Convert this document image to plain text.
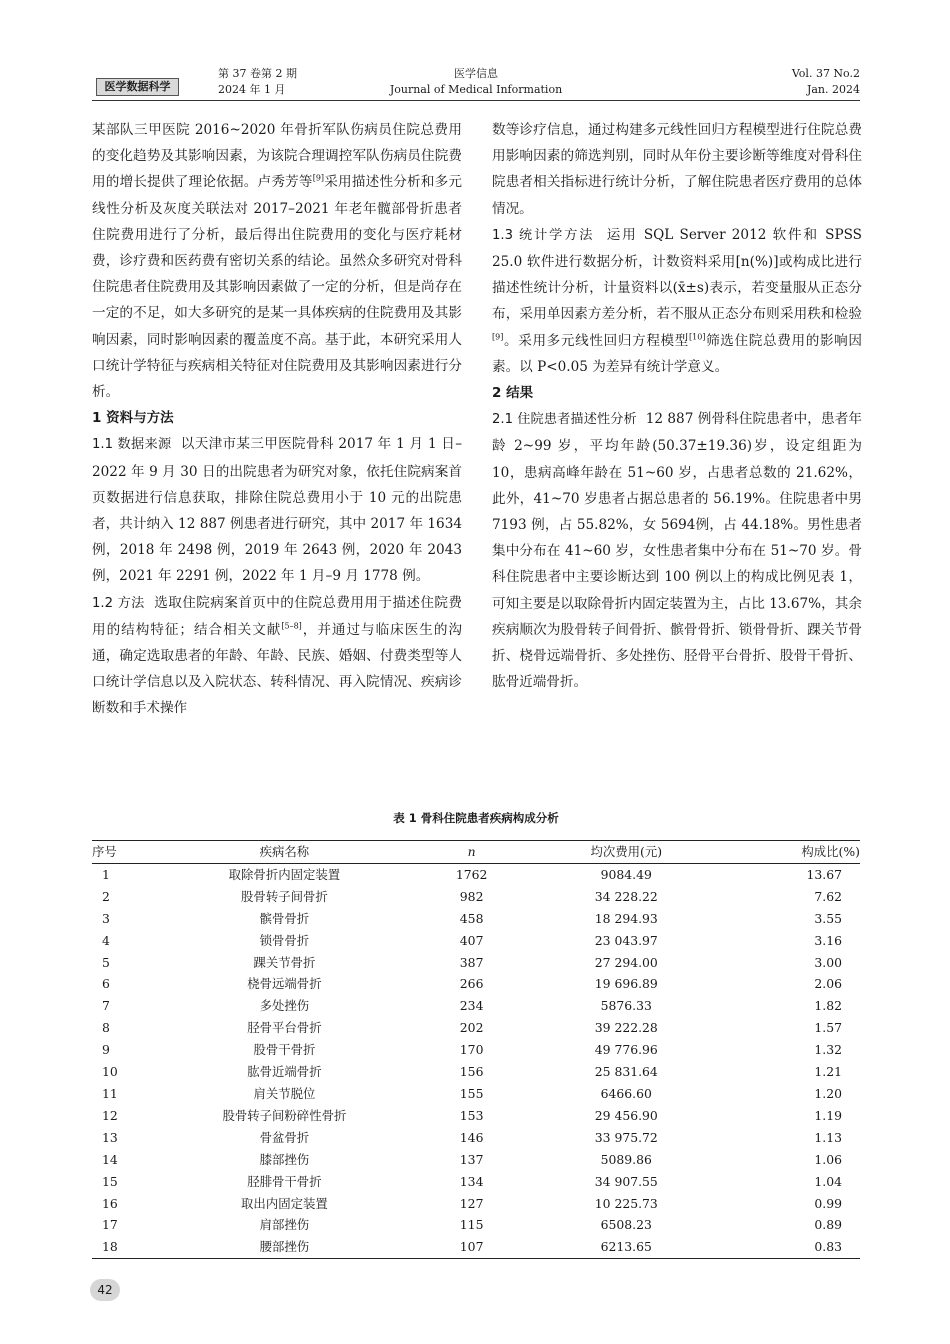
医学数据科学
第 37 卷第 2 期
2024 年 1 月
医学信息
Journal of Medical Information
Vol. 37 No.2
Jan. 2024

某部队三甲医院 2016~2020 年骨折军队伤病员住院总费用的变化趋势及其影响因素，为该院合理调控军队伤病员住院费用的增长提供了理论依据。卢秀芳等[9]采用描述性分析和多元线性分析及灰度关联法对 2017–2021 年老年髋部骨折患者住院费用进行了分析，最后得出住院费用的变化与医疗耗材费，诊疗费和医药费有密切关系的结论。虽然众多研究对骨科住院患者住院费用及其影响因素做了一定的分析，但是尚存在一定的不足，如大多研究的是某一具体疾病的住院费用及其影响因素，同时影响因素的覆盖度不高。基于此，本研究采用人口统计学特征与疾病相关特征对住院费用及其影响因素进行分析。

1 资料与方法

1.1 数据来源 以天津市某三甲医院骨科 2017 年 1 月 1 日–2022 年 9 月 30 日的出院患者为研究对象，依托住院病案首页数据进行信息获取，排除住院总费用小于 10 元的出院患者，共计纳入 12 887 例患者进行研究，其中 2017 年 1634 例，2018 年 2498 例，2019 年 2643 例，2020 年 2043 例，2021 年 2291 例，2022 年 1 月–9 月 1778 例。

1.2 方法 选取住院病案首页中的住院总费用用于描述住院费用的结构特征；结合相关文献[5–8]，并通过与临床医生的沟通，确定选取患者的年龄、年龄、民族、婚姻、付费类型等人口统计学信息以及入院状态、转科情况、再入院情况、疾病诊断数和手术操作

数等诊疗信息，通过构建多元线性回归方程模型进行住院总费用影响因素的筛选判别，同时从年份主要诊断等维度对骨科住院患者相关指标进行统计分析，了解住院患者医疗费用的总体情况。

1.3 统计学方法 运用 SQL Server 2012 软件和 SPSS 25.0 软件进行数据分析，计数资料采用[n(%)]或构成比进行描述性统计分析，计量资料以(x̄±s)表示，若变量服从正态分布，采用单因素方差分析，若不服从正态分布则采用秩和检验[9]。采用多元线性回归方程模型[10]筛选住院总费用的影响因素。以 P<0.05 为差异有统计学意义。

2 结果

2.1 住院患者描述性分析 12 887 例骨科住院患者中，患者年龄 2~99 岁，平均年龄(50.37±19.36)岁，设定组距为 10，患病高峰年龄在 51~60 岁，占患者总数的 21.62%，此外，41~70 岁患者占据总患者的 56.19%。住院患者中男 7193 例，占 55.82%，女 5694例，占 44.18%。男性患者集中分布在 41~60 岁，女性患者集中分布在 51~70 岁。骨科住院患者中主要诊断达到 100 例以上的构成比例见表 1，可知主要是以取除骨折内固定装置为主，占比 13.67%，其余疾病顺次为股骨转子间骨折、髌骨骨折、锁骨骨折、踝关节骨折、桡骨远端骨折、多处挫伤、胫骨平台骨折、股骨干骨折、肱骨近端骨折。

表 1 骨科住院患者疾病构成分析
序号	疾病名称	n	均次费用(元)	构成比(%)
1	取除骨折内固定装置	1762	9084.49	13.67
2	股骨转子间骨折	982	34 228.22	7.62
3	髌骨骨折	458	18 294.93	3.55
4	锁骨骨折	407	23 043.97	3.16
5	踝关节骨折	387	27 294.00	3.00
6	桡骨远端骨折	266	19 696.89	2.06
7	多处挫伤	234	5876.33	1.82
8	胫骨平台骨折	202	39 222.28	1.57
9	股骨干骨折	170	49 776.96	1.32
10	肱骨近端骨折	156	25 831.64	1.21
11	肩关节脱位	155	6466.60	1.20
12	股骨转子间粉碎性骨折	153	29 456.90	1.19
13	骨盆骨折	146	33 975.72	1.13
14	膝部挫伤	137	5089.86	1.06
15	胫腓骨干骨折	134	34 907.55	1.04
16	取出内固定装置	127	10 225.73	0.99
17	肩部挫伤	115	6508.23	0.89
18	腰部挫伤	107	6213.65	0.83
42
